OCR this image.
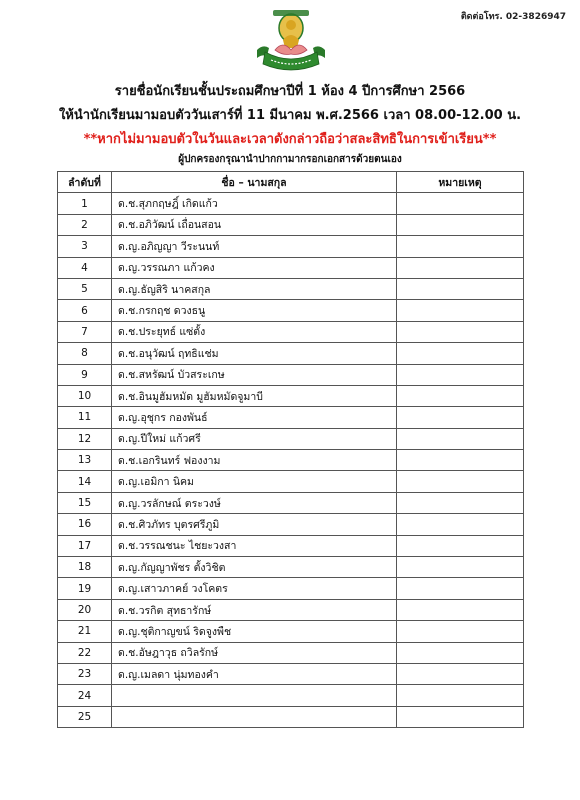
ติดต่อโทร. 02-3826947
รายชื่อนักเรียนชั้นประถมศึกษาปีที่ 1 ห้อง 4 ปีการศึกษา 2566
ให้นำนักเรียนมามอบตัววันเสาร์ที่ 11 มีนาคม พ.ศ.2566 เวลา 08.00-12.00 น.
**หากไม่มามอบตัวในวันและเวลาดังกล่าวถือว่าสละสิทธิในการเข้าเรียน**
ผู้ปกครองกรุณานำปากกามากรอกเอกสารด้วยตนเอง
ลำดับที่	ชื่อ – นามสกุล	หมายเหตุ
1	ด.ช.สุภกฤษฎิ์ เกิดแก้ว	
2	ด.ช.อภิวัฒน์ เถื่อนสอน	
3	ด.ญ.อภิญญา วีระนนท์	
4	ด.ญ.วรรณภา แก้วคง	
5	ด.ญ.ธัญสิริ นาคสกุล	
6	ด.ช.กรกฤช ดวงธนู	
7	ด.ช.ประยุทธ์ แซ่ตั้ง	
8	ด.ช.อนุวัฒน์ ฤทธิแช่ม	
9	ด.ช.สหรัฒน์ บัวสระเกษ	
10	ด.ช.อินมูฮัมหมัด มูฮัมหมัดจูมาบี	
11	ด.ญ.อุชุกร กองพันธ์	
12	ด.ญ.ปีใหม่ แก้วศรี	
13	ด.ช.เอกรินทร์ ฟองงาม	
14	ด.ญ.เอมิกา นิคม	
15	ด.ญ.วรลักษณ์ ตระวงษ์	
16	ด.ช.ศิวภัทร บุตรศรีภูมิ	
17	ด.ช.วรรณชนะ ไชยะวงสา	
18	ด.ญ.กัญญาพัชร ตั้งวิชิต	
19	ด.ญ.เสาวภาคย์ วงโคตร	
20	ด.ช.วรกิต สุทธารักษ์	
21	ด.ญ.ชุติกาญขน์ ริดจูงพืช	
22	ด.ช.อัษฎาวุธ ถวิลรักษ์	
23	ด.ญ.เมลดา นุ่มทองคำ	
24		
25		
